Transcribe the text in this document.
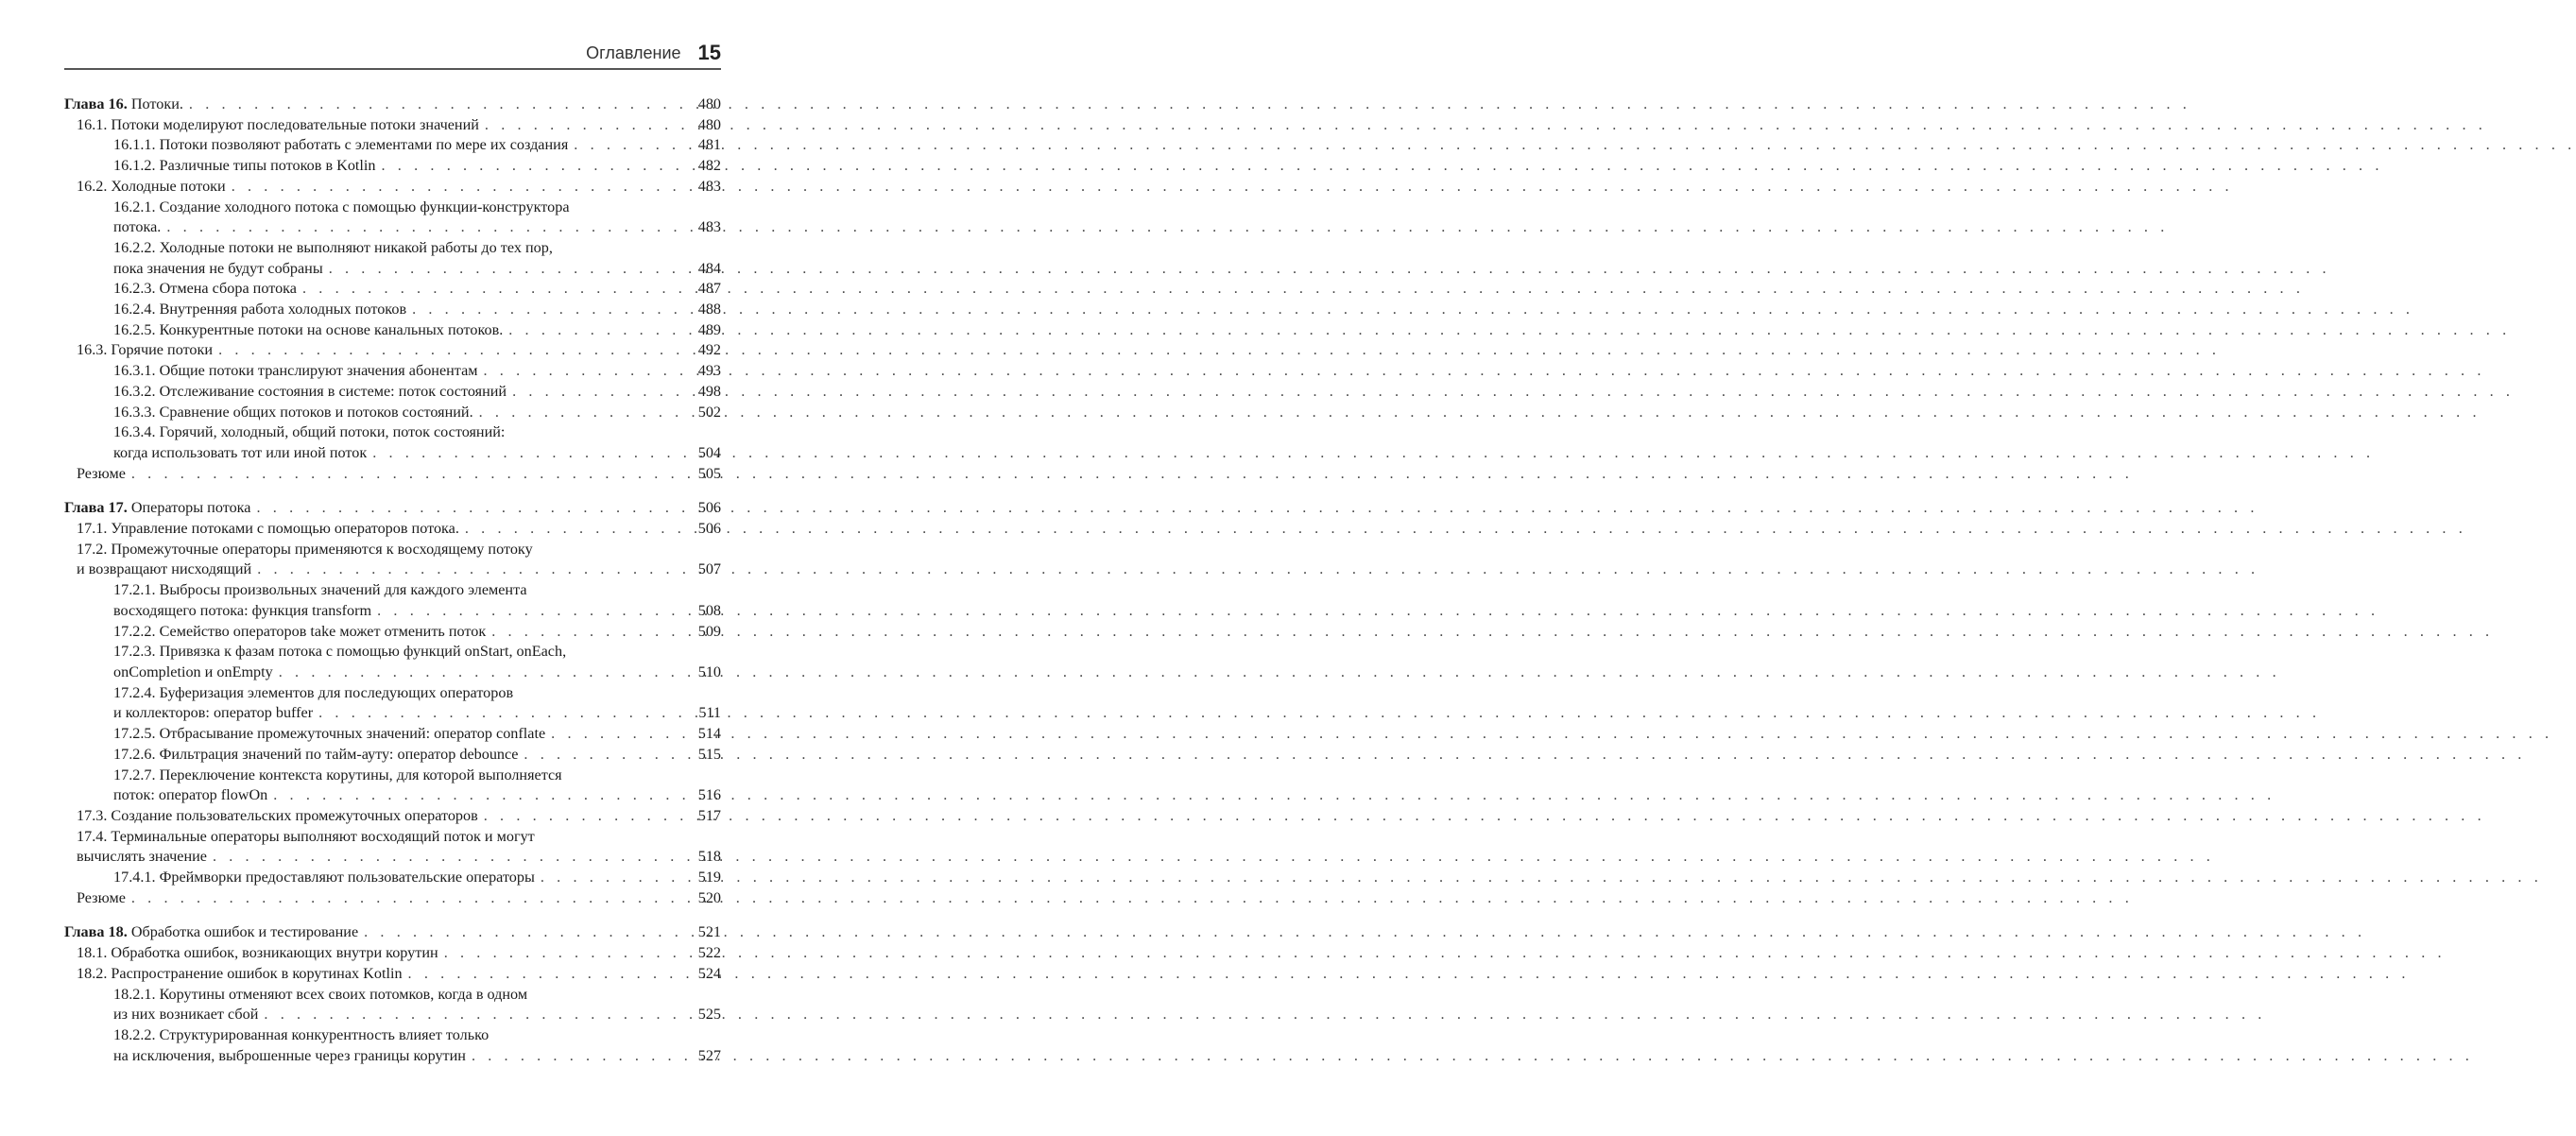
Оглавление 15
Глава 16.
Потоки. . . .	480
16.1. Потоки моделируют последовательные потоки значений . . .	480
16.1.1. Потоки позволяют работать с элементами по мере их создания . . .	481
16.1.2. Различные типы потоков в Kotlin . . .	482
16.2. Холодные потоки . . .	483
16.2.1. Создание холодного потока с помощью функции-конструктора
потока. . . .	483
16.2.2. Холодные потоки не выполняют никакой работы до тех пор,
пока значения не будут собраны . . .	484
16.2.3. Отмена сбора потока . . .	487
16.2.4. Внутренняя работа холодных потоков . . .	488
16.2.5. Конкурентные потоки на основе канальных потоков. . . .	489
16.3. Горячие потоки . . .	492
16.3.1. Общие потоки транслируют значения абонентам . . .	493
16.3.2. Отслеживание состояния в системе: поток состояний . . .	498
16.3.3. Сравнение общих потоков и потоков состояний. . . .	502
16.3.4. Горячий, холодный, общий потоки, поток состояний:
когда использовать тот или иной поток . . .	504
Резюме . . .	505
Глава 17.
Операторы потока . . .	506
17.1. Управление потоками с помощью операторов потока. . . .	506
17.2. Промежуточные операторы применяются к восходящему потоку
и возвращают нисходящий . . .	507
17.2.1. Выбросы произвольных значений для каждого элемента
восходящего потока: функция transform . . .	508
17.2.2. Семейство операторов take может отменить поток . . .	509
17.2.3. Привязка к фазам потока с помощью функций onStart, onEach,
onCompletion и onEmpty . . .	510
17.2.4. Буферизация элементов для последующих операторов
и коллекторов: оператор buffer . . .	511
17.2.5. Отбрасывание промежуточных значений: оператор conflate . . .	514
17.2.6. Фильтрация значений по тайм-ауту: оператор debounce . . .	515
17.2.7. Переключение контекста корутины, для которой выполняется
поток: оператор flowOn . . .	516
17.3. Создание пользовательских промежуточных операторов . . .	517
17.4. Терминальные операторы выполняют восходящий поток и могут
вычислять значение . . .	518
17.4.1. Фреймворки предоставляют пользовательские операторы . . .	519
Резюме . . .	520
Глава 18.
Обработка ошибок и тестирование . . .	521
18.1. Обработка ошибок, возникающих внутри корутин . . .	522
18.2. Распространение ошибок в корутинах Kotlin . . .	524
18.2.1. Корутины отменяют всех своих потомков, когда в одном
из них возникает сбой . . .	525
18.2.2. Структурированная конкурентность влияет только
на исключения, выброшенные через границы корутин . . .	527
